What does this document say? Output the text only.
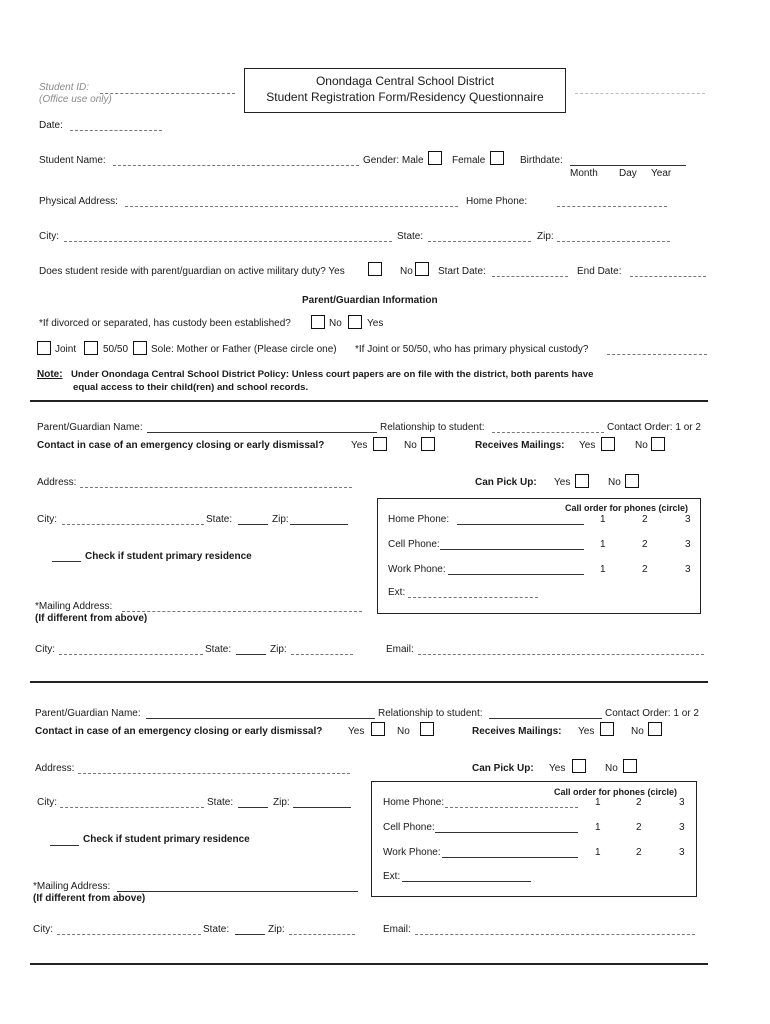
Student ID:
(Office use only)
Onondaga Central School District
Student Registration Form/Residency Questionnaire
Date:
Student Name:	Gender: Male	Female	Birthdate:
Month Day Year
Physical Address:	Home Phone:
City:	State:	Zip:
Does student reside with parent/guardian on active military duty? Yes	No	Start Date:	End Date:
Parent/Guardian Information
*If divorced or separated, has custody been established?	No	Yes
Joint	50/50 Sole: Mother or Father (Please circle one) *If Joint or 50/50, who has primary physical custody?
Note: Under Onondaga Central School District Policy: Unless court papers are on file with the district, both parents have
equal access to their child(ren) and school records.
Parent/Guardian Name:	Relationship to student:	Contact Order: 1 or 2
Contact in case of an emergency closing or early dismissal?	Yes	No	Receives Mailings: Yes	No
Address:	Can Pick Up: Yes	No
City:	State:	Zip:
Call order for phones (circle)
Home Phone:	1	2	3
Cell Phone:	1	2	3
Work Phone:	1	2	3
Ext:
Check if student primary residence
*Mailing Address:
(If different from above)
City:	State:	Zip:	Email:
Parent/Guardian Name:	Relationship to student:	Contact Order: 1 or 2
Contact in case of an emergency closing or early dismissal?	Yes	No	Receives Mailings: Yes	No
Address:	Can Pick Up: Yes	No
City:	State:	Zip:
Call order for phones (circle)
Home Phone:	1	2	3
Cell Phone:	1	2	3
Work Phone:	1	2	3
Ext:
Check if student primary residence
*Mailing Address:
(If different from above)
City:	State:	Zip:	Email:
